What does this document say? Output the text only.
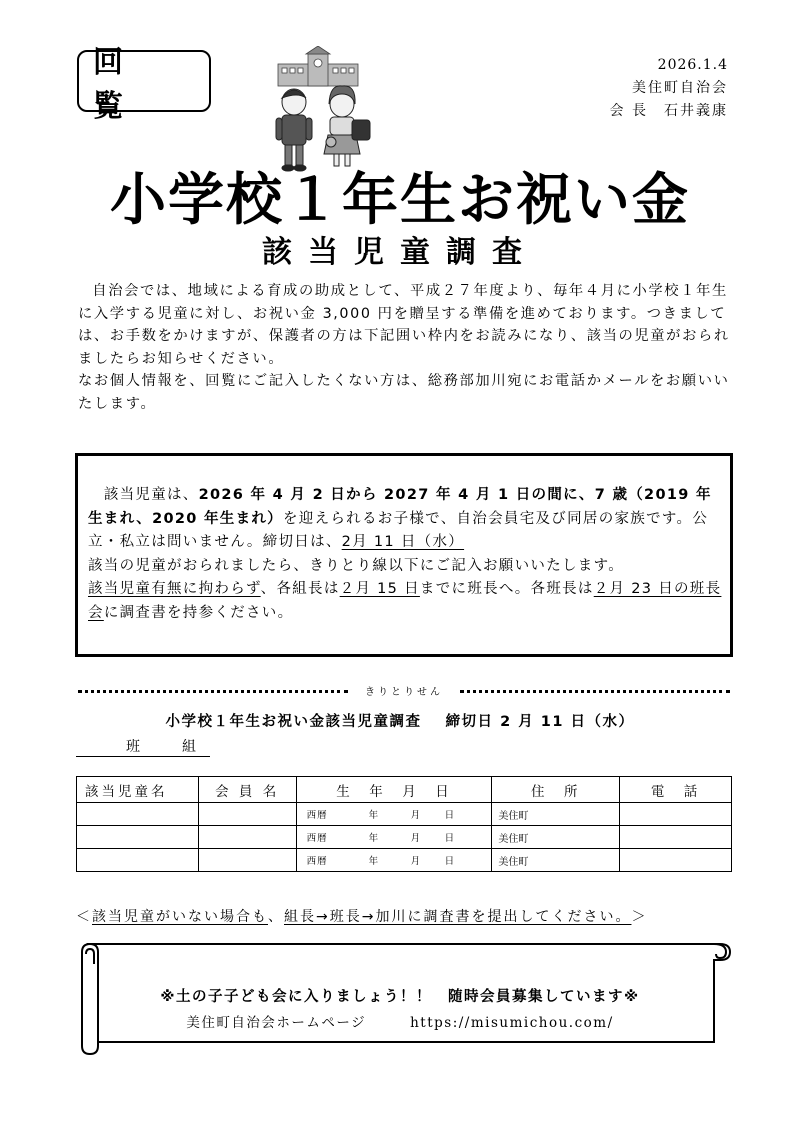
回　覧
2026.1.4
美住町自治会
会 長　石井義康
小学校１年生お祝い金
該当児童調査

自治会では、地域による育成の助成として、平成２７年度より、毎年４月に小学校１年生に入学する児童に対し、お祝い金 3,000 円を贈呈する準備を進めております。つきましては、お手数をかけますが、保護者の方は下記囲い枠内をお読みになり、該当の児童がおられましたらお知らせください。

なお個人情報を、回覧にご記入したくない方は、総務部加川宛にお電話かメールをお願いいたします。

　該当児童は、2026 年 4 月 2 日から 2027 年 4 月 1 日の間に、7 歳（2019 年生まれ、2020 年生まれ）を迎えられるお子様で、自治会員宅及び同居の家族です。公立・私立は問いません。締切日は、2月 11 日（水）

該当の児童がおられましたら、きりとり線以下にご記入お願いいたします。

該当児童有無に拘わらず、各組長は２月 15 日までに班長へ。各班長は２月 23 日の班長会に調査書を持参ください。

きりとりせん
小学校１年生お祝い金該当児童調査 締切日 2 月 11 日（水）
班	組
該当児童名	会 員 名	生　年　月　日	住　所	電　話
		西暦 年 月 日	美住町	
		西暦 年 月 日	美住町	
		西暦 年 月 日	美住町	
＜該当児童がいない場合も、組長→班長→加川に調査書を提出してください。＞
※土の子子ども会に入りましょう！！　随時会員募集しています※
美住町自治会ホームページ	https://misumichou.com/
